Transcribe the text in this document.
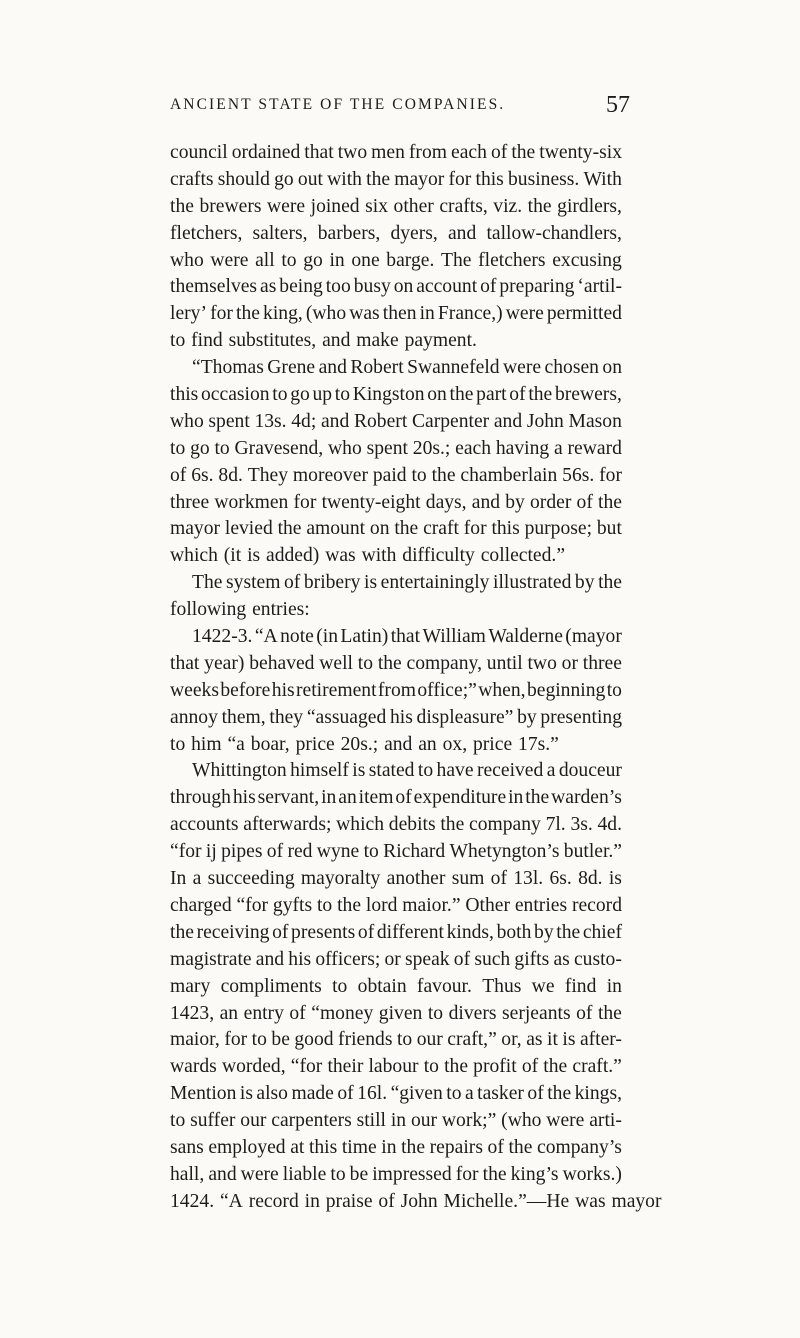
ANCIENT STATE OF THE COMPANIES.	57
council ordained that two men from each of the twenty-six
crafts should go out with the mayor for this business. With
the brewers were joined six other crafts, viz. the girdlers,
fletchers, salters, barbers, dyers, and tallow-chandlers,
who were all to go in one barge. The fletchers excusing
themselves as being too busy on account of preparing ‘artil-
lery’ for the king, (who was then in France,) were permitted
to find substitutes, and make payment.
“Thomas Grene and Robert Swannefeld were chosen on
this occasion to go up to Kingston on the part of the brewers,
who spent 13s. 4d; and Robert Carpenter and John Mason
to go to Gravesend, who spent 20s.; each having a reward
of 6s. 8d. They moreover paid to the chamberlain 56s. for
three workmen for twenty-eight days, and by order of the
mayor levied the amount on the craft for this purpose; but
which (it is added) was with difficulty collected.”
The system of bribery is entertainingly illustrated by the
following entries:
1422-3. “A note (in Latin) that William Walderne (mayor
that year) behaved well to the company, until two or three
weeks before his retirement from office;” when, beginning to
annoy them, they “assuaged his displeasure” by presenting
to him “a boar, price 20s.; and an ox, price 17s.”
Whittington himself is stated to have received a douceur
through his servant, in an item of expenditure in the warden’s
accounts afterwards; which debits the company 7l. 3s. 4d.
“for ij pipes of red wyne to Richard Whetyngton’s butler.”
In a succeeding mayoralty another sum of 13l. 6s. 8d. is
charged “for gyfts to the lord maior.” Other entries record
the receiving of presents of different kinds, both by the chief
magistrate and his officers; or speak of such gifts as custo-
mary compliments to obtain favour. Thus we find in
1423, an entry of “money given to divers serjeants of the
maior, for to be good friends to our craft,” or, as it is after-
wards worded, “for their labour to the profit of the craft.”
Mention is also made of 16l. “given to a tasker of the kings,
to suffer our carpenters still in our work;” (who were arti-
sans employed at this time in the repairs of the company’s
hall, and were liable to be impressed for the king’s works.)
1424. “A record in praise of John Michelle.”—He was mayor
